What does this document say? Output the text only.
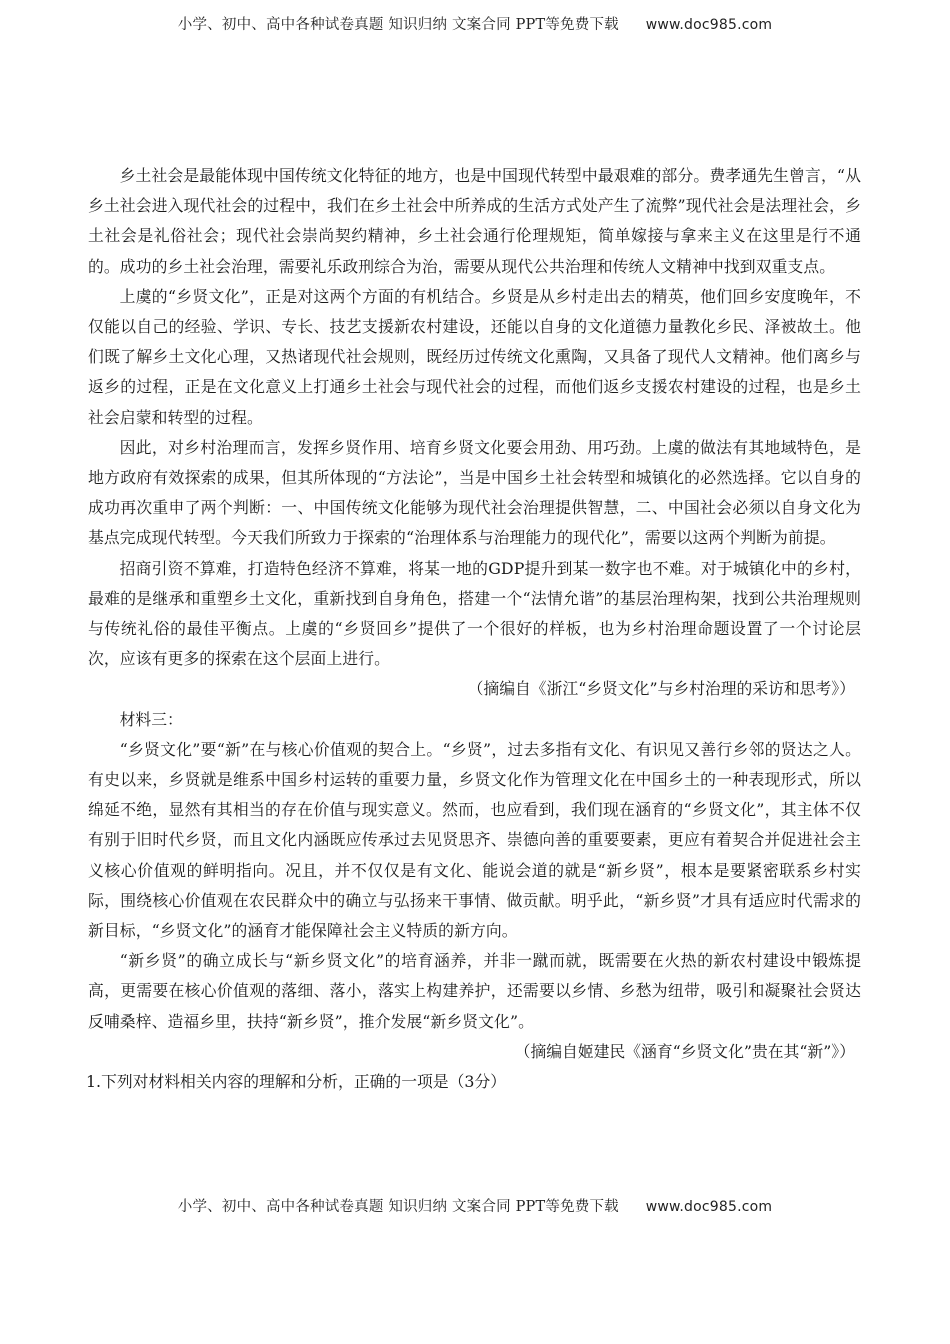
小学、初中、高中各种试卷真题 知识归纳 文案合同 PPT等免费下载 www.doc985.com

乡土社会是最能体现中国传统文化特征的地方，也是中国现代转型中最艰难的部分。费孝通先生曾言，“从乡土社会进入现代社会的过程中，我们在乡土社会中所养成的生活方式处产生了流弊”现代社会是法理社会，乡土社会是礼俗社会；现代社会崇尚契约精神，乡土社会通行伦理规矩，简单嫁接与拿来主义在这里是行不通的。成功的乡土社会治理，需要礼乐政刑综合为治，需要从现代公共治理和传统人文精神中找到双重支点。

上虞的“乡贤文化”，正是对这两个方面的有机结合。乡贤是从乡村走出去的精英，他们回乡安度晚年，不仅能以自己的经验、学识、专长、技艺支援新农村建设，还能以自身的文化道德力量教化乡民、泽被故土。他们既了解乡土文化心理，又热诸现代社会规则，既经历过传统文化熏陶，又具备了现代人文精神。他们离乡与返乡的过程，正是在文化意义上打通乡土社会与现代社会的过程，而他们返乡支援农村建设的过程，也是乡土社会启蒙和转型的过程。

因此，对乡村治理而言，发挥乡贤作用、培育乡贤文化要会用劲、用巧劲。上虞的做法有其地域特色，是地方政府有效探索的成果，但其所体现的“方法论”，当是中国乡土社会转型和城镇化的必然选择。它以自身的成功再次重申了两个判断：一、中国传统文化能够为现代社会治理提供智慧，二、中国社会必须以自身文化为基点完成现代转型。今天我们所致力于探索的“治理体系与治理能力的现代化”，需要以这两个判断为前提。

招商引资不算难，打造特色经济不算难，将某一地的GDP提升到某一数字也不难。对于城镇化中的乡村，最难的是继承和重塑乡土文化，重新找到自身角色，搭建一个“法情允谐”的基层治理构架，找到公共治理规则与传统礼俗的最佳平衡点。上虞的“乡贤回乡”提供了一个很好的样板，也为乡村治理命题设置了一个讨论层次，应该有更多的探索在这个层面上进行。

（摘编自《浙江“乡贤文化”与乡村治理的采访和思考》）

材料三：

“乡贤文化”要“新”在与核心价值观的契合上。“乡贤”，过去多指有文化、有识见又善行乡邻的贤达之人。有史以来，乡贤就是维系中国乡村运转的重要力量，乡贤文化作为管理文化在中国乡土的一种表现形式，所以绵延不绝，显然有其相当的存在价值与现实意义。然而，也应看到，我们现在涵育的“乡贤文化”，其主体不仅有别于旧时代乡贤，而且文化内涵既应传承过去见贤思齐、崇德向善的重要要素，更应有着契合并促进社会主义核心价值观的鲜明指向。况且，并不仅仅是有文化、能说会道的就是“新乡贤”，根本是要紧密联系乡村实际，围绕核心价值观在农民群众中的确立与弘扬来干事情、做贡献。明乎此，“新乡贤”才具有适应时代需求的新目标，“乡贤文化”的涵育才能保障社会主义特质的新方向。

“新乡贤”的确立成长与“新乡贤文化”的培育涵养，并非一蹴而就，既需要在火热的新农村建设中锻炼提高，更需要在核心价值观的落细、落小，落实上构建养护，还需要以乡情、乡愁为纽带，吸引和凝聚社会贤达反哺桑梓、造福乡里，扶持“新乡贤”，推介发展“新乡贤文化”。

（摘编自姬建民《涵育“乡贤文化”贵在其“新”》）

1.下列对材料相关内容的理解和分析，正确的一项是（3分）

小学、初中、高中各种试卷真题 知识归纳 文案合同 PPT等免费下载 www.doc985.com
